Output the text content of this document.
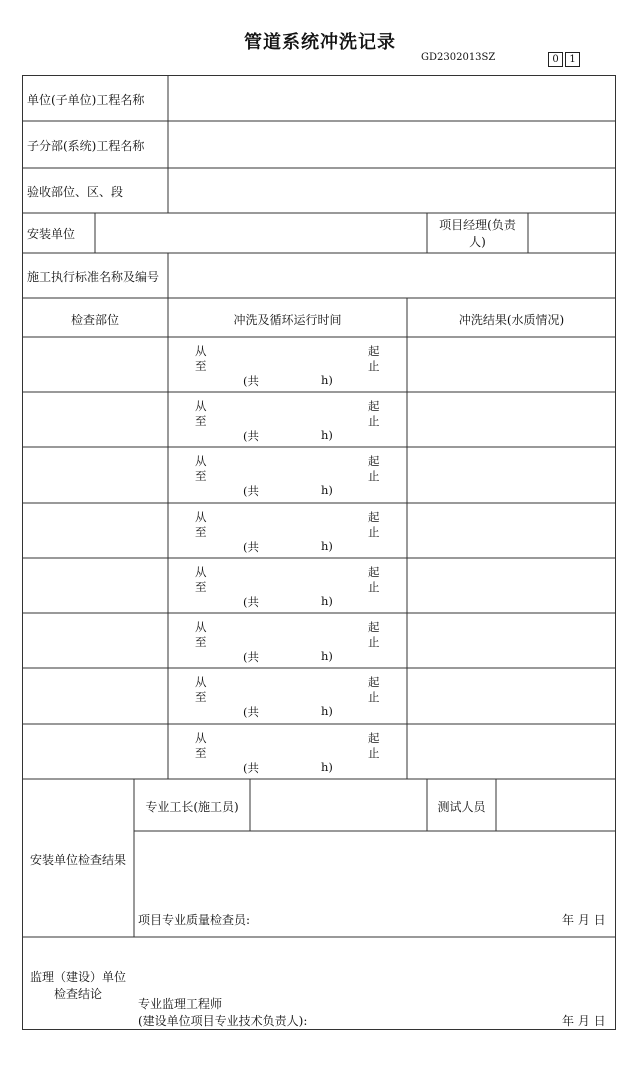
管道系统冲洗记录
GD2302013SZ	0	1
单位(子单位)工程名称
子分部(系统)工程名称
验收部位、区、段
安装单位
项目经理(负责
人)
施工执行标准名称及编号
检查部位	冲洗及循环运行时间	冲洗结果(水质情况)
从	起
至	止
(共	h)
从	起
至	止
(共	h)
从	起
至	止
(共	h)
从	起
至	止
(共	h)
从	起
至	止
(共	h)
从	起
至	止
(共	h)
从	起
至	止
(共	h)
从	起
至	止
(共	h)
安装单位检查结果
专业工长(施工员)	测试人员
项目专业质量检查员:	年 月 日
监理（建设）单位
检查结论
专业监理工程师
(建设单位项目专业技术负责人):	年 月 日
